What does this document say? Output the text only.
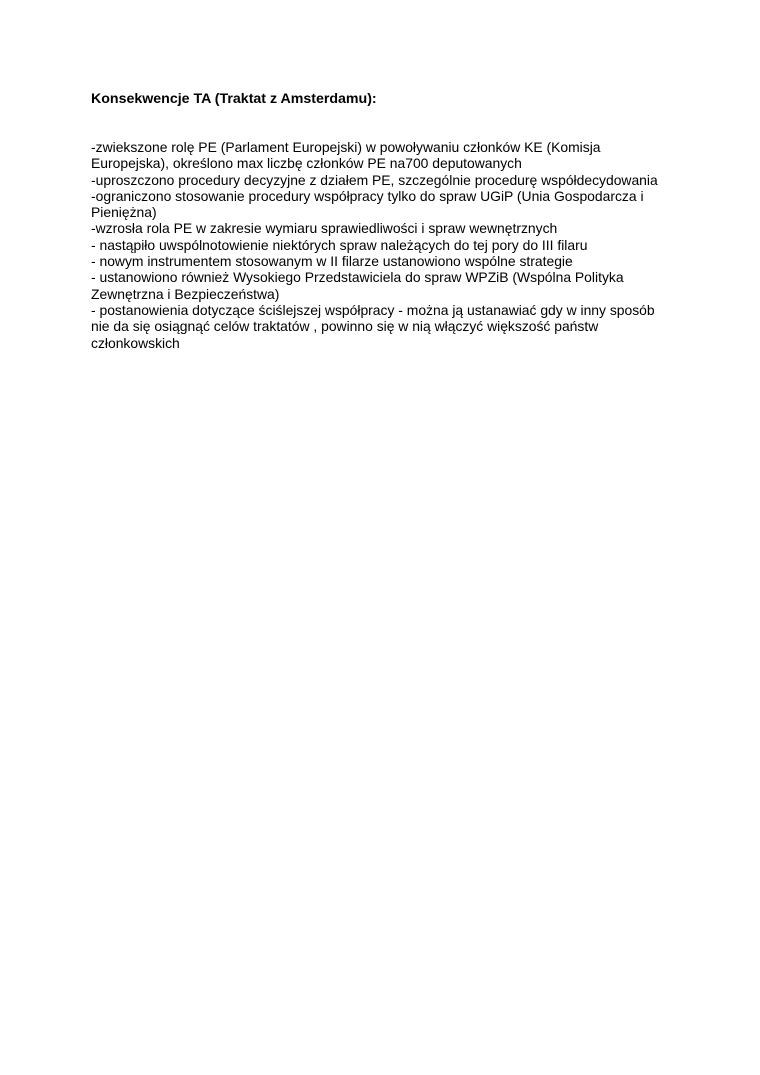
Konsekwencje TA (Traktat z Amsterdamu):
-zwiekszone rolę PE (Parlament Europejski) w powoływaniu członków KE (Komisja
Europejska), określono max liczbę członków PE na700 deputowanych
-uproszczono procedury decyzyjne z działem PE, szczególnie procedurę współdecydowania
-ograniczono stosowanie procedury współpracy tylko do spraw UGiP (Unia Gospodarcza i
Pieniężna)
-wzrosła rola PE w zakresie wymiaru sprawiedliwości i spraw wewnętrznych
- nastąpiło uwspólnotowienie niektórych spraw należących do tej pory do III filaru
- nowym instrumentem stosowanym w II filarze ustanowiono wspólne strategie
- ustanowiono również Wysokiego Przedstawiciela do spraw WPZiB (Wspólna Polityka
Zewnętrzna i Bezpieczeństwa)
- postanowienia dotyczące ściślejszej współpracy - można ją ustanawiać gdy w inny sposób
nie da się osiągnąć celów traktatów , powinno się w nią włączyć większość państw
członkowskich
